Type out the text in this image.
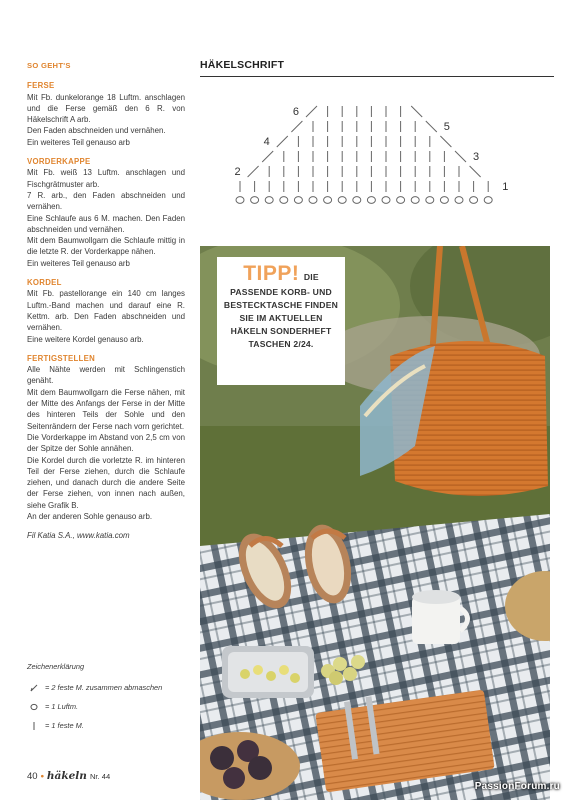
SO GEHT'S
FERSE

Mit Fb. dunkelorange 18 Luftm. anschlagen und die Ferse gemäß den 6 R. von Häkelschrift A arb.

Den Faden abschneiden und vernähen.

Ein weiteres Teil genauso arb

VORDERKAPPE

Mit Fb. weiß 13 Luftm. anschlagen und Fischgrätmuster arb.

7 R. arb., den Faden abschneiden und vernähen.

Eine Schlaufe aus 6 M. machen. Den Faden abschneiden und vernähen.

Mit dem Baumwollgarn die Schlaufe mittig in die letzte R. der Vorderkappe nähen.

Ein weiteres Teil genauso arb

KORDEL

Mit Fb. pastellorange ein 140 cm langes Luftm.-Band machen und darauf eine R. Kettm. arb. Den Faden abschneiden und vernähen.

Eine weitere Kordel genauso arb.

FERTIGSTELLEN

Alle Nähte werden mit Schlingenstich genäht.

Mit dem Baumwollgarn die Ferse nähen, mit der Mitte des Anfangs der Ferse in der Mitte des hinteren Teils der Sohle und den Seitenrändern der Ferse nach vorn gerichtet.

Die Vorderkappe im Abstand von 2,5 cm von der Spitze der Sohle annähen.

Die Kordel durch die vorletzte R. im hinteren Teil der Ferse ziehen, durch die Schlaufe ziehen, und danach durch die andere Seite der Ferse ziehen, von innen nach außen, siehe Grafik B.

An der anderen Sohle genauso arb.

Fil Katia S.A., www.katia.com
Zeichenerklärung
= 2 feste M. zusammen abmaschen
= 1 Luftm.
= 1 feste M.
HÄKELSCHRIFT
1
2
3
4
5
6
TIPP! DIE
PASSENDE KORB- UND
BESTECKTASCHE FINDEN
SIE IM AKTUELLEN
HÄKELN SONDERHEFT
TASCHEN 2/24.
40 • häkeln Nr. 44
PassionForum.ru
